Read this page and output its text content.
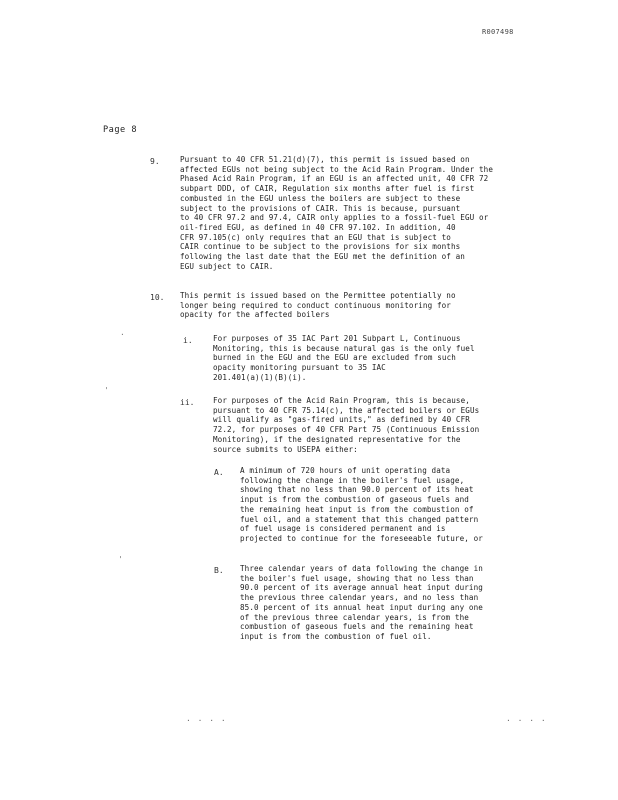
R007498
Page 8
'
·
'
9.	Pursuant to 40 CFR 51.21(d)(7), this permit is issued based on
affected EGUs not being subject to the Acid Rain Program. Under the
Phased Acid Rain Program, if an EGU is an affected unit, 40 CFR 72
subpart DDD, of CAIR, Regulation six months after fuel is first
combusted in the EGU unless the boilers are subject to these
subject to the provisions of CAIR. This is because, pursuant
to 40 CFR 97.2 and 97.4, CAIR only applies to a fossil-fuel EGU or
oil-fired EGU, as defined in 40 CFR 97.102. In addition, 40
CFR 97.105(c) only requires that an EGU that is subject to
CAIR continue to be subject to the provisions for six months
following the last date that the EGU met the definition of an
EGU subject to CAIR.
10. This permit is issued based on the Permittee potentially no
longer being required to conduct continuous monitoring for
opacity for the affected boilers
i.	For purposes of 35 IAC Part 201 Subpart L, Continuous
Monitoring, this is because natural gas is the only fuel
burned in the EGU and the EGU are excluded from such
opacity monitoring pursuant to 35 IAC
201.401(a)(1)(B)(i).
ii. For purposes of the Acid Rain Program, this is because,
pursuant to 40 CFR 75.14(c), the affected boilers or EGUs
will qualify as "gas-fired units," as defined by 40 CFR
72.2, for purposes of 40 CFR Part 75 (Continuous Emission
Monitoring), if the designated representative for the
source submits to USEPA either:
A. A minimum of 720 hours of unit operating data
following the change in the boiler's fuel usage,
showing that no less than 90.0 percent of its heat
input is from the combustion of gaseous fuels and
the remaining heat input is from the combustion of
fuel oil, and a statement that this changed pattern
of fuel usage is considered permanent and is
projected to continue for the foreseeable future, or
B. Three calendar years of data following the change in
the boiler's fuel usage, showing that no less than
90.0 percent of its average annual heat input during
the previous three calendar years, and no less than
85.0 percent of its annual heat input during any one
of the previous three calendar years, is from the
combustion of gaseous fuels and the remaining heat
input is from the combustion of fuel oil.
. . . .	. . . .
